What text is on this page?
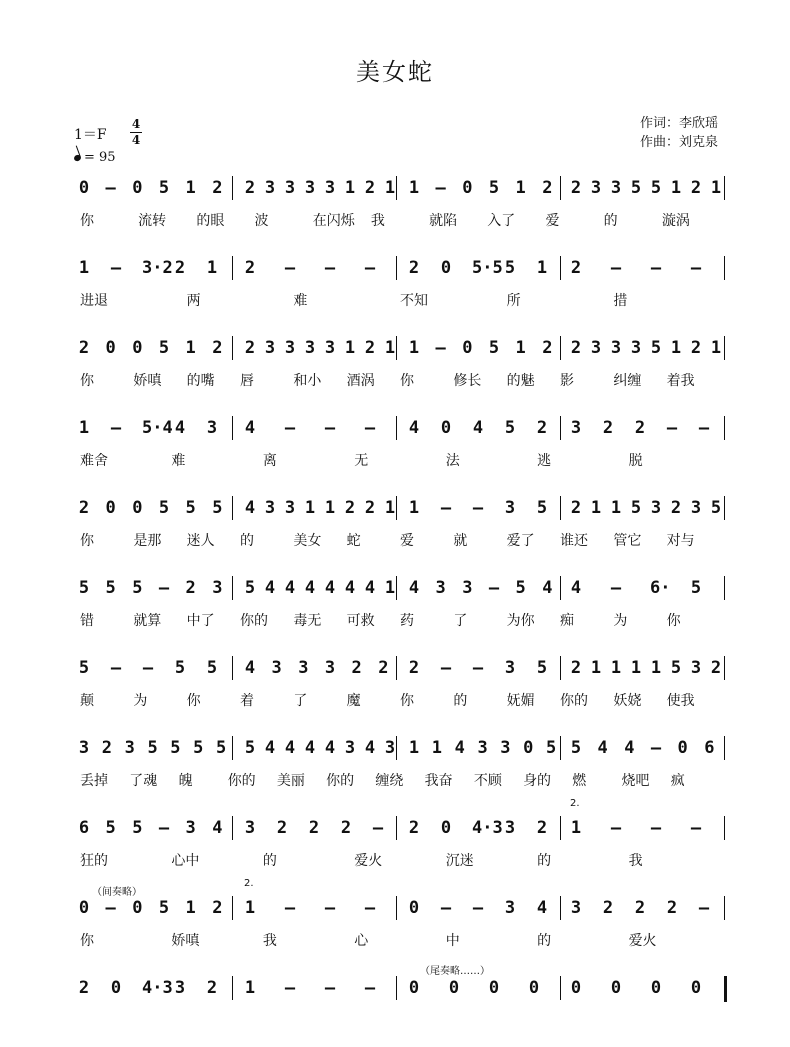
美女蛇
作词：李欣瑶
作曲：刘克泉
1＝F
4
4
= 95
0 – 0 5 1 2 2 3 3 3 3 1 2 1 1 – 0 5 1 2 2 3 3 5 5 1 2 1
你	流转 的眼 波	在闪烁 我	就陷 入了 爱	的	漩涡
1 – 3·2 2 1 2 – – – 2 0 5·5 5 1 2 – – –
进退	两	难	不知	所	措
2 0 0 5 1 2 2 3 3 3 3 1 2 1 1 – 0 5 1 2 2 3 3 3 5 1 2 1
你	娇嗔 的嘴 唇	和小 酒涡 你	修长 的魅 影	纠缠 着我
1 – 5·4 4 3 4 – – – 4 0 4 5 2 3 2 2 – –
难舍	难	离	无	法	逃	脱
2 0 0 5 5 5 4 3 3 1 1 2 2 1 1 – – 3 5 2 1 1 5 3 2 3 5
你	是那 迷人 的	美女 蛇	爱	就	爱了 谁还 管它 对与
5 5 5 – 2 3 5 4 4 4 4 4 4 1 4 3 3 – 5 4 4 – 6· 5
错	就算 中了 你的 毒无 可救 药	了	为你 痴	为	你
5 – – 5 5 4 3 3 3 2 2 2 – – 3 5 2 1 1 1 1 5 3 2
颠	为	你	着	了	魔	你	的	妩媚 你的 妖娆 使我
3 2 3 5 5 5 5 5 4 4 4 4 3 4 3 1 1 4 3 3 0 5 5 4 4 – 0 6
丢掉 了魂 魄	你的 美丽 你的 缠绕 我奋 不顾 身的 燃	烧吧 疯
6 5 5 – 3 4 3 2 2 2 – 2 0 4·3 3 2 1 – – –
狂的	心中	的	爱火	沉迷	的	我
0 – 0 5 1 2 1 – – – 0 – – 3 4 3 2 2 2 –
你	娇嗔	我	心	中	的	爱火
2 0 4·3 3 2 1 – – – 0 0 0 0 0 0 0 0
2.
2.
（间奏略）
（尾奏略……）
